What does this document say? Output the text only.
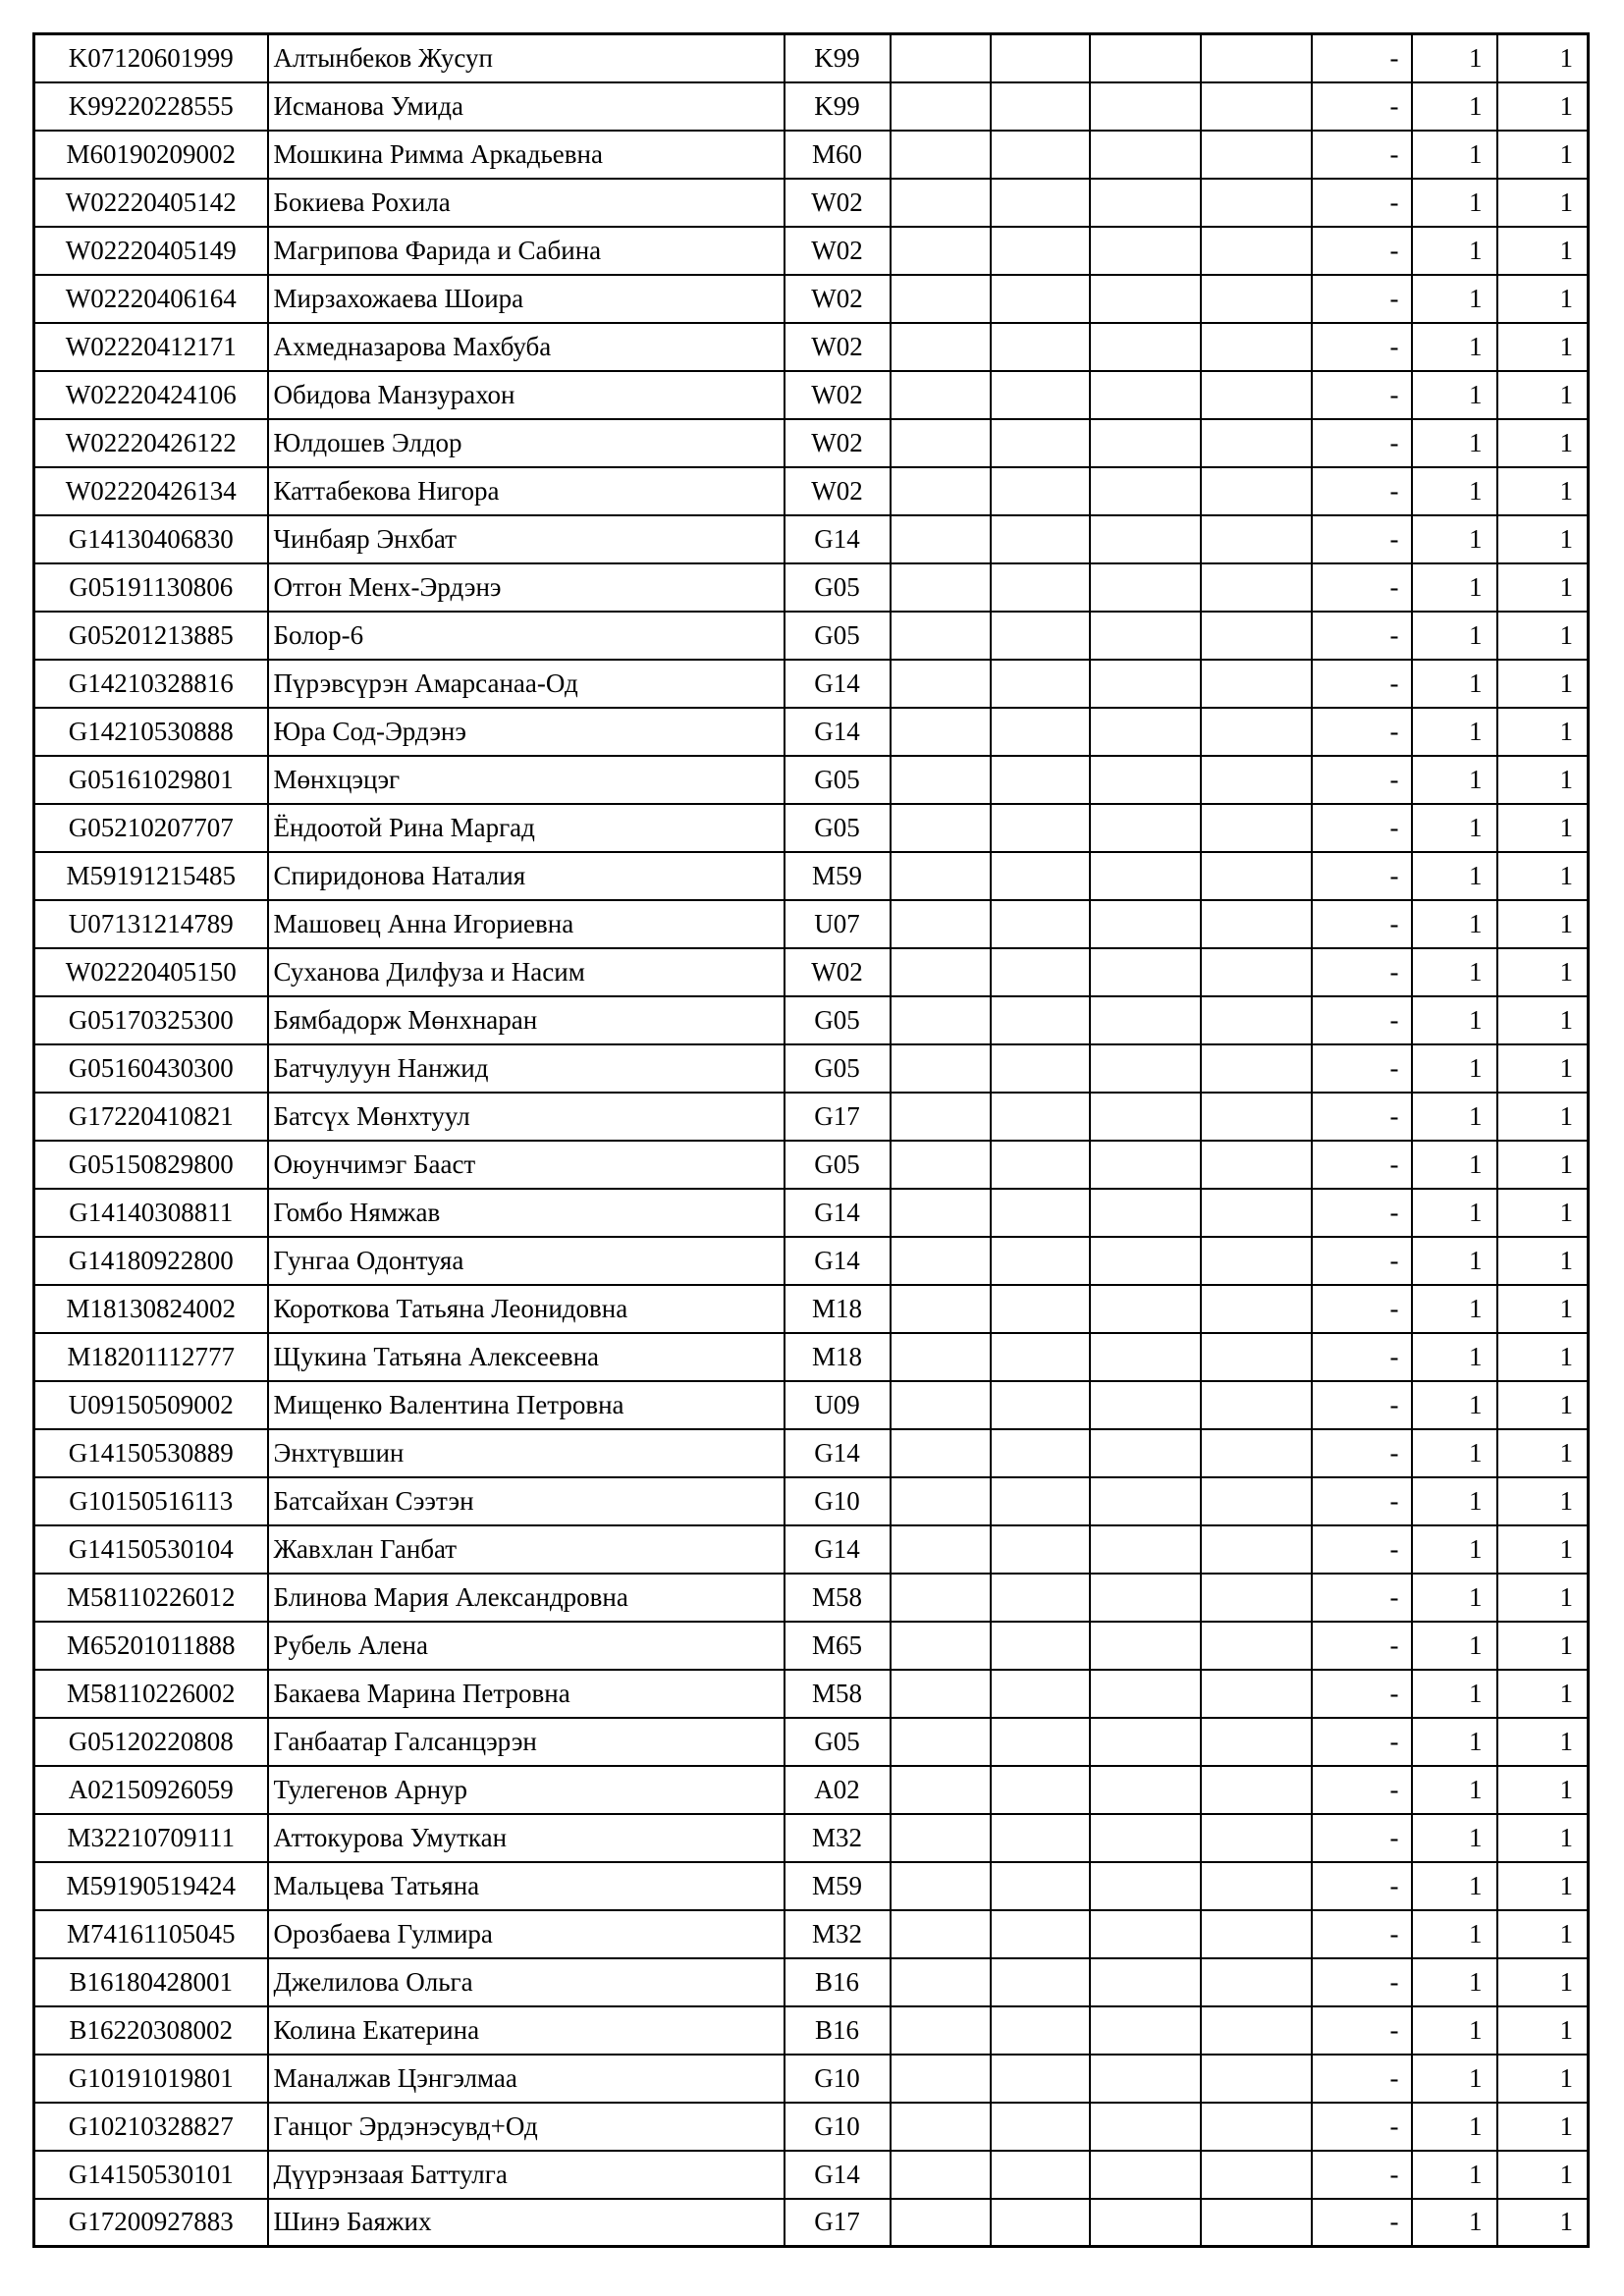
K07120601999	Алтынбеков Жусуп	K99					-	1	1
K99220228555	Исманова Умида	K99					-	1	1
M60190209002	Мошкина Римма Аркадьевна	M60					-	1	1
W02220405142	Бокиева Рохила	W02					-	1	1
W02220405149	Магрипова Фарида и Сабина	W02					-	1	1
W02220406164	Мирзахожаева Шоира	W02					-	1	1
W02220412171	Ахмедназарова Махбуба	W02					-	1	1
W02220424106	Обидова Манзурахон	W02					-	1	1
W02220426122	Юлдошев Элдор	W02					-	1	1
W02220426134	Каттабекова Нигора	W02					-	1	1
G14130406830	Чинбаяр Энхбат	G14					-	1	1
G05191130806	Отгон Менх-Эрдэнэ	G05					-	1	1
G05201213885	Болор-6	G05					-	1	1
G14210328816	Пүрэвсүрэн Амарсанаа-Од	G14					-	1	1
G14210530888	Юра Сод-Эрдэнэ	G14					-	1	1
G05161029801	Мөнхцэцэг	G05					-	1	1
G05210207707	Ёндоотой Рина Маргад	G05					-	1	1
M59191215485	Спиридонова Наталия	M59					-	1	1
U07131214789	Машовец Анна Игориевна	U07					-	1	1
W02220405150	Суханова Дилфуза и Насим	W02					-	1	1
G05170325300	Бямбадорж Мөнхнаран	G05					-	1	1
G05160430300	Батчулуун Нанжид	G05					-	1	1
G17220410821	Батсүх Мөнхтуул	G17					-	1	1
G05150829800	Оюунчимэг Бааст	G05					-	1	1
G14140308811	Гомбо Нямжав	G14					-	1	1
G14180922800	Гунгаа Одонтуяа	G14					-	1	1
M18130824002	Короткова Татьяна Леонидовна	M18					-	1	1
M18201112777	Щукина Татьяна Алексеевна	M18					-	1	1
U09150509002	Мищенко Валентина Петровна	U09					-	1	1
G14150530889	Энхтүвшин	G14					-	1	1
G10150516113	Батсайхан Сээтэн	G10					-	1	1
G14150530104	Жавхлан Ганбат	G14					-	1	1
M58110226012	Блинова Мария Александровна	M58					-	1	1
M65201011888	Рубель Алена	M65					-	1	1
M58110226002	Бакаева Марина Петровна	M58					-	1	1
G05120220808	Ганбаатар Галсанцэрэн	G05					-	1	1
A02150926059	Тулегенов Арнур	A02					-	1	1
M32210709111	Аттокурова Умуткан	M32					-	1	1
M59190519424	Мальцева Татьяна	M59					-	1	1
M74161105045	Орозбаева Гулмира	M32					-	1	1
B16180428001	Джелилова Ольга	B16					-	1	1
B16220308002	Колина Екатерина	B16					-	1	1
G10191019801	Маналжав Цэнгэлмаа	G10					-	1	1
G10210328827	Ганцог Эрдэнэсувд+Од	G10					-	1	1
G14150530101	Дүүрэнзаая Баттулга	G14					-	1	1
G17200927883	Шинэ Баяжих	G17					-	1	1
